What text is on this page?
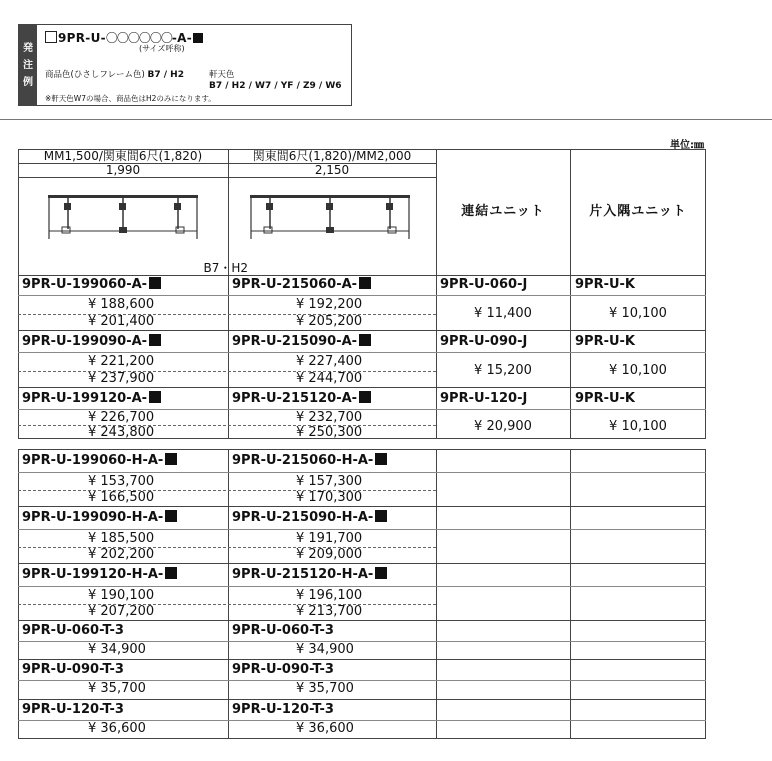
発
注
例
9PR-U-〇〇〇〇〇〇-A-
(サイズ呼称)
商品色(ひさしフレーム色) B7 / H2	軒天色
B7 / H2 / W7 / YF / Z9 / W6
※軒天色W7の場合、商品色はH2のみになります。
単位:㎜
MM1,500/関東間6尺(1,820)	関東間6尺(1,820)/MM2,000
1,990	2,150
連結ユニット	片入隅ユニット
B7・H2
9PR-U-199060-A-	9PR-U-215060-A-
¥ 188,600	¥ 192,200
¥ 201,400	¥ 205,200
9PR-U-060-J	9PR-U-K
¥ 11,400	¥ 10,100
9PR-U-199090-A-	9PR-U-215090-A-
¥ 221,200	¥ 227,400
¥ 237,900	¥ 244,700
9PR-U-090-J	9PR-U-K
¥ 15,200	¥ 10,100
9PR-U-199120-A-	9PR-U-215120-A-
¥ 226,700	¥ 232,700
¥ 243,800	¥ 250,300
9PR-U-120-J	9PR-U-K
¥ 20,900	¥ 10,100
9PR-U-199060-H-A-	9PR-U-215060-H-A-
¥ 153,700	¥ 157,300
¥ 166,500	¥ 170,300
9PR-U-199090-H-A-	9PR-U-215090-H-A-
¥ 185,500	¥ 191,700
¥ 202,200	¥ 209,000
9PR-U-199120-H-A-	9PR-U-215120-H-A-
¥ 190,100	¥ 196,100
¥ 207,200	¥ 213,700
9PR-U-060-T-3	9PR-U-060-T-3
¥ 34,900	¥ 34,900
9PR-U-090-T-3	9PR-U-090-T-3
¥ 35,700	¥ 35,700
9PR-U-120-T-3	9PR-U-120-T-3
¥ 36,600	¥ 36,600
